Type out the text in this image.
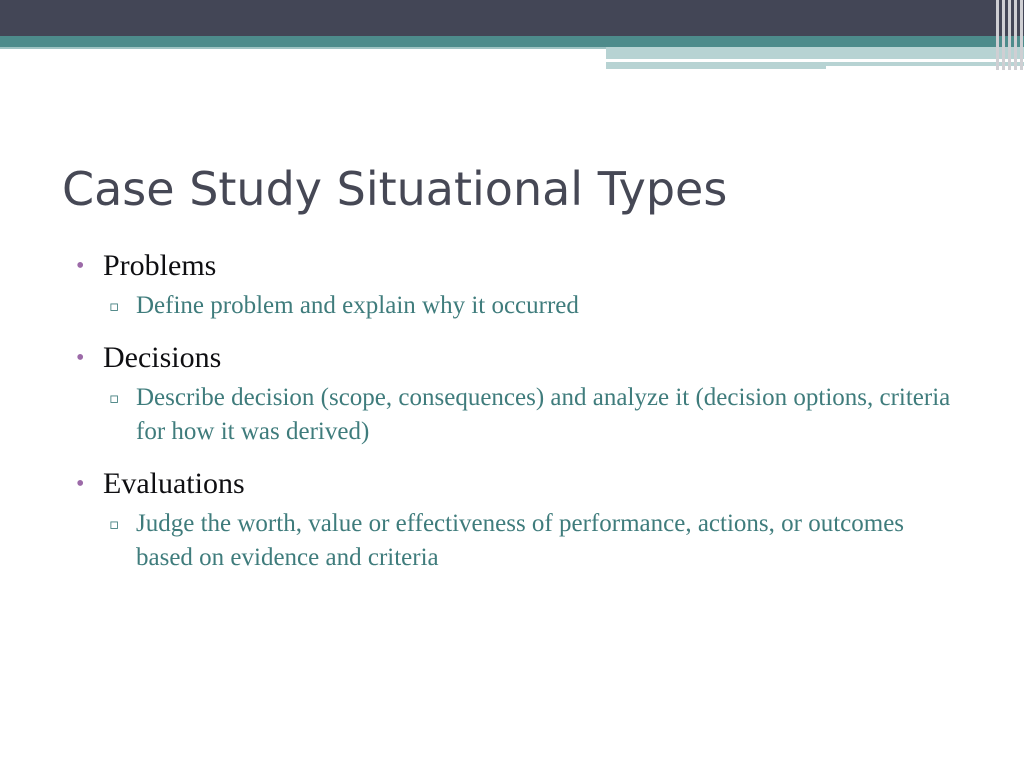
Case Study Situational Types
• Problems
▫ Define problem and explain why it occurred
• Decisions
▫ Describe decision (scope, consequences) and analyze it (decision options, criteria for how it was derived)
• Evaluations
▫ Judge the worth, value or effectiveness of performance, actions, or outcomes based on evidence and criteria
